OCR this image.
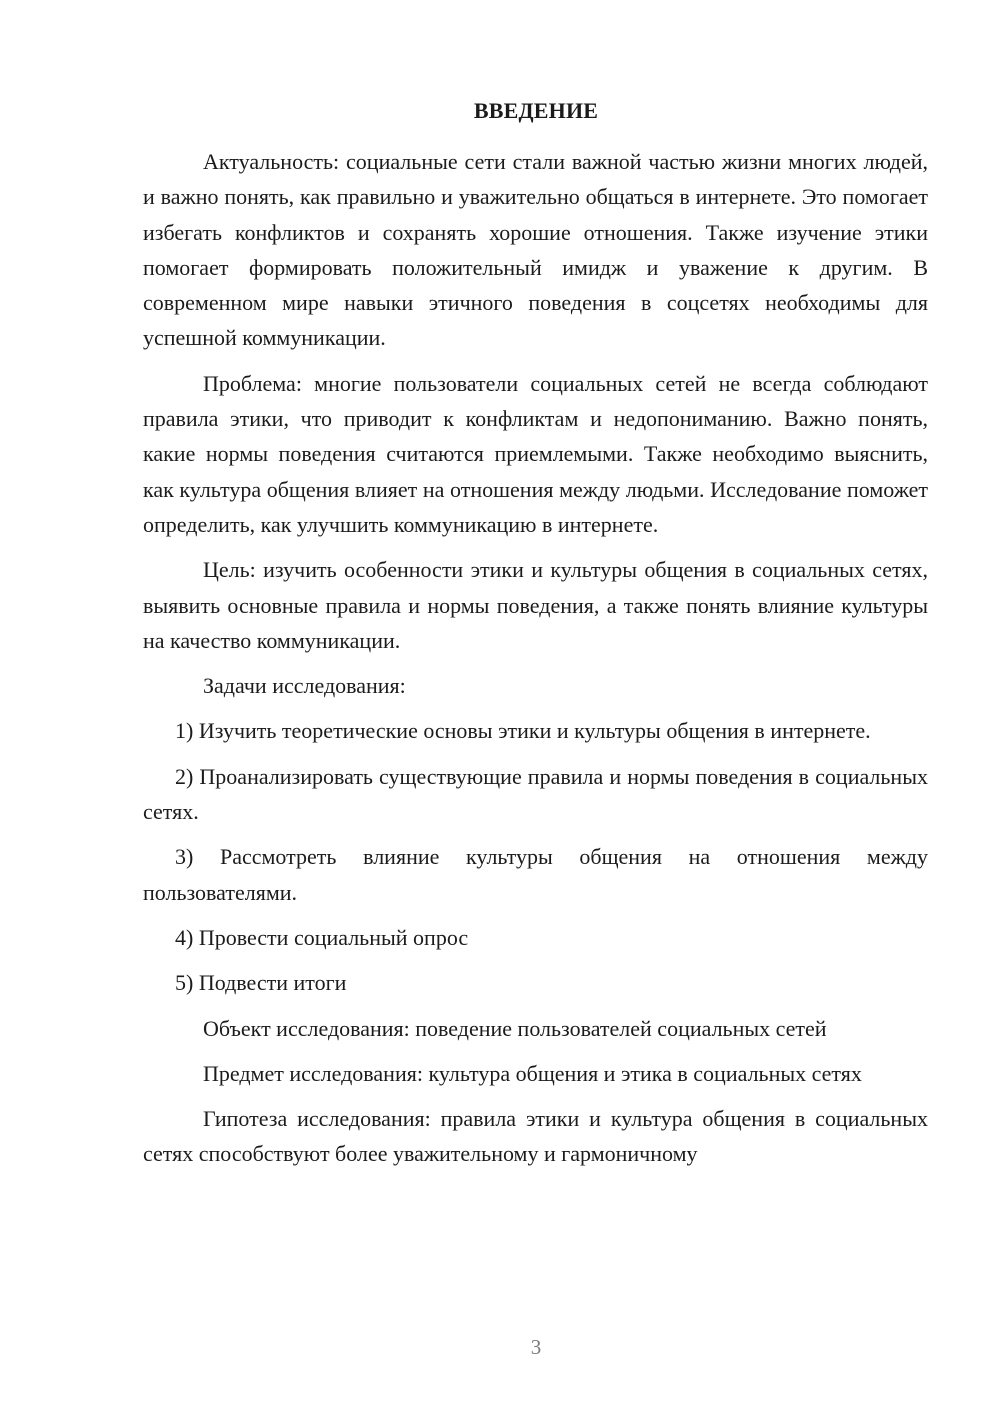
ВВЕДЕНИЕ

Актуальность: социальные сети стали важной частью жизни многих людей, и важно понять, как правильно и уважительно общаться в интернете. Это помогает избегать конфликтов и сохранять хорошие отношения. Также изучение этики помогает формировать положительный имидж и уважение к другим. В современном мире навыки этичного поведения в соцсетях необходимы для успешной коммуникации.

Проблема: многие пользователи социальных сетей не всегда соблюдают правила этики, что приводит к конфликтам и недопониманию. Важно понять, какие нормы поведения считаются приемлемыми. Также необходимо выяснить, как культура общения влияет на отношения между людьми. Исследование поможет определить, как улучшить коммуникацию в интернете.

Цель: изучить особенности этики и культуры общения в социальных сетях, выявить основные правила и нормы поведения, а также понять влияние культуры на качество коммуникации.

Задачи исследования:

1) Изучить теоретические основы этики и культуры общения в интернете.

2) Проанализировать существующие правила и нормы поведения в социальных сетях.

3) Рассмотреть влияние культуры общения на отношения между пользователями.

4) Провести социальный опрос

5) Подвести итоги

Объект исследования: поведение пользователей социальных сетей

Предмет исследования: культура общения и этика в социальных сетях

Гипотеза исследования: правила этики и культура общения в социальных сетях способствуют более уважительному и гармоничному

3
